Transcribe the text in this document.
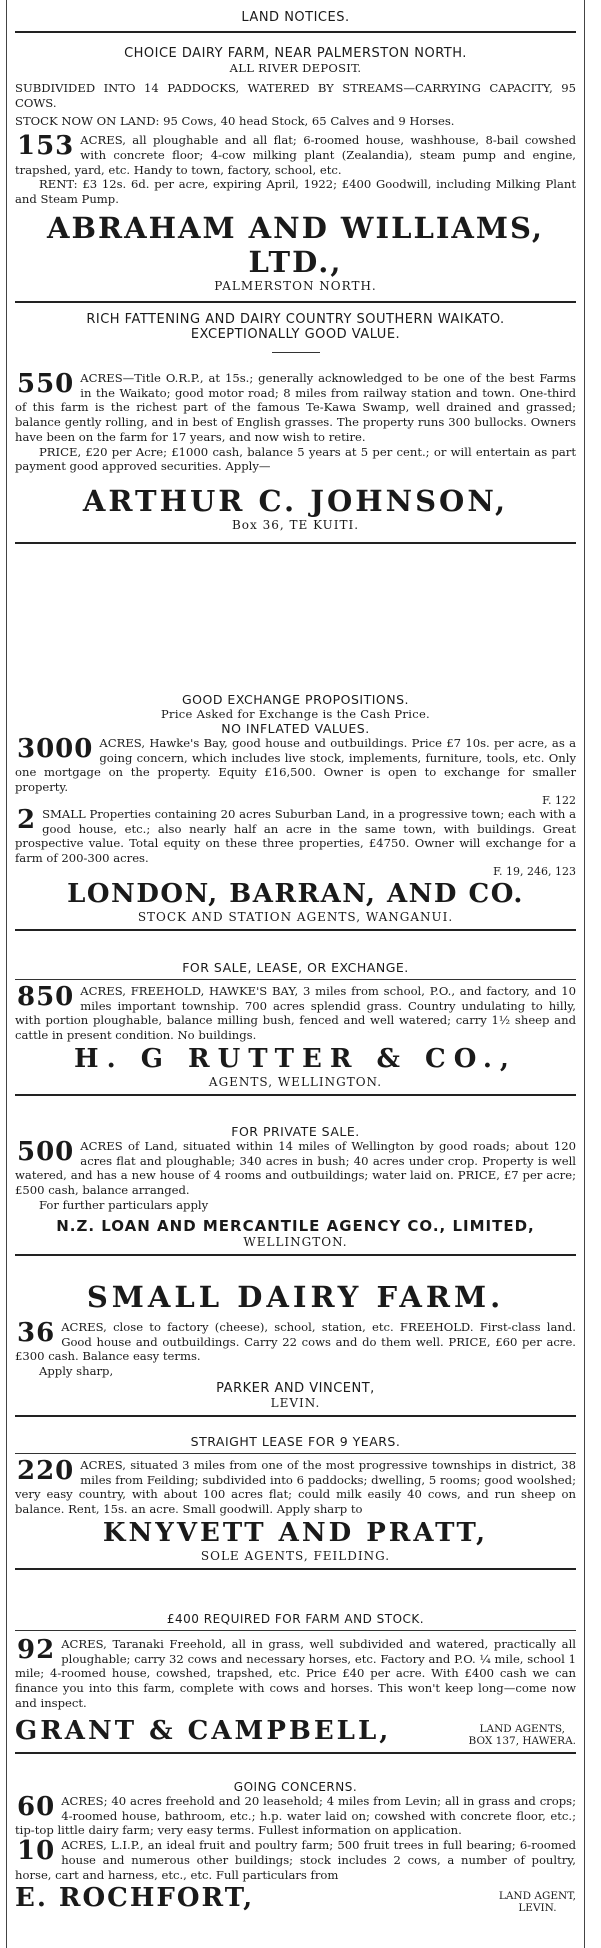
LAND NOTICES.
CHOICE DAIRY FARM, NEAR PALMERSTON NORTH.
ALL RIVER DEPOSIT.

SUBDIVIDED INTO 14 PADDOCKS, WATERED BY STREAMS—CARRYING CAPACITY, 95 COWS.

STOCK NOW ON LAND: 95 Cows, 40 head Stock, 65 Calves and 9 Horses.

153 ACRES, all ploughable and all flat; 6-roomed house, washhouse, 8-bail cowshed with concrete floor; 4-cow milking plant (Zealandia), steam pump and engine, trapshed, yard, etc. Handy to town, factory, school, etc.

RENT: £3 12s. 6d. per acre, expiring April, 1922; £400 Goodwill, including Milking Plant and Steam Pump.

ABRAHAM AND WILLIAMS, LTD.,
PALMERSTON NORTH.
RICH FATTENING AND DAIRY COUNTRY SOUTHERN WAIKATO.
EXCEPTIONALLY GOOD VALUE.

550 ACRES—Title O.R.P., at 15s.; generally acknowledged to be one of the best Farms in the Waikato; good motor road; 8 miles from railway station and town. One-third of this farm is the richest part of the famous Te-Kawa Swamp, well drained and grassed; balance gently rolling, and in best of English grasses. The property runs 300 bullocks. Owners have been on the farm for 17 years, and now wish to retire.

PRICE, £20 per Acre; £1000 cash, balance 5 years at 5 per cent.; or will entertain as part payment good approved securities. Apply—

ARTHUR C. JOHNSON,
Box 36, TE KUITI.
GOOD EXCHANGE PROPOSITIONS.
Price Asked for Exchange is the Cash Price.
NO INFLATED VALUES.

3000 ACRES, Hawke's Bay, good house and outbuildings. Price £7 10s. per acre, as a going concern, which includes live stock, implements, furniture, tools, etc. Only one mortgage on the property. Equity £16,500. Owner is open to exchange for smaller property.

F. 122

2 SMALL Properties containing 20 acres Suburban Land, in a progressive town; each with a good house, etc.; also nearly half an acre in the same town, with buildings. Great prospective value. Total equity on these three properties, £4750. Owner will exchange for a farm of 200-300 acres.

F. 19, 246, 123

LONDON, BARRAN, AND CO.
STOCK AND STATION AGENTS, WANGANUI.
FOR SALE, LEASE, OR EXCHANGE.

850 ACRES, FREEHOLD, HAWKE'S BAY, 3 miles from school, P.O., and factory, and 10 miles important township. 700 acres splendid grass. Country undulating to hilly, with portion ploughable, balance milling bush, fenced and well watered; carry 1½ sheep and cattle in present condition. No buildings.

H. G RUTTER & CO.,
AGENTS, WELLINGTON.
FOR PRIVATE SALE.

500 ACRES of Land, situated within 14 miles of Wellington by good roads; about 120 acres flat and ploughable; 340 acres in bush; 40 acres under crop. Property is well watered, and has a new house of 4 rooms and outbuildings; water laid on. PRICE, £7 per acre; £500 cash, balance arranged.

For further particulars apply

N.Z. LOAN AND MERCANTILE AGENCY CO., LIMITED,
WELLINGTON.
SMALL DAIRY FARM.

36 ACRES, close to factory (cheese), school, station, etc. FREEHOLD. First-class land. Good house and outbuildings. Carry 22 cows and do them well. PRICE, £60 per acre. £300 cash. Balance easy terms.

Apply sharp,

PARKER AND VINCENT,
LEVIN.
STRAIGHT LEASE FOR 9 YEARS.

220 ACRES, situated 3 miles from one of the most progressive townships in district, 38 miles from Feilding; subdivided into 6 paddocks; dwelling, 5 rooms; good woolshed; very easy country, with about 100 acres flat; could milk easily 40 cows, and run sheep on balance. Rent, 15s. an acre. Small goodwill. Apply sharp to

KNYVETT AND PRATT,
SOLE AGENTS, FEILDING.
£400 REQUIRED FOR FARM AND STOCK.

92 ACRES, Taranaki Freehold, all in grass, well subdivided and watered, practically all ploughable; carry 32 cows and necessary horses, etc. Factory and P.O. ¼ mile, school 1 mile; 4-roomed house, cowshed, trapshed, etc. Price £40 per acre. With £400 cash we can finance you into this farm, complete with cows and horses. This won't keep long—come now and inspect.

GRANT & CAMPBELL,	LAND AGENTS,
BOX 137, HAWERA.
GOING CONCERNS.

60 ACRES; 40 acres freehold and 20 leasehold; 4 miles from Levin; all in grass and crops; 4-roomed house, bathroom, etc.; h.p. water laid on; cowshed with concrete floor, etc.; tip-top little dairy farm; very easy terms. Fullest information on application.

10 ACRES, L.I.P., an ideal fruit and poultry farm; 500 fruit trees in full bearing; 6-roomed house and numerous other buildings; stock includes 2 cows, a number of poultry, horse, cart and harness, etc., etc. Full particulars from

E. ROCHFORT,	LAND AGENT,
LEVIN.
